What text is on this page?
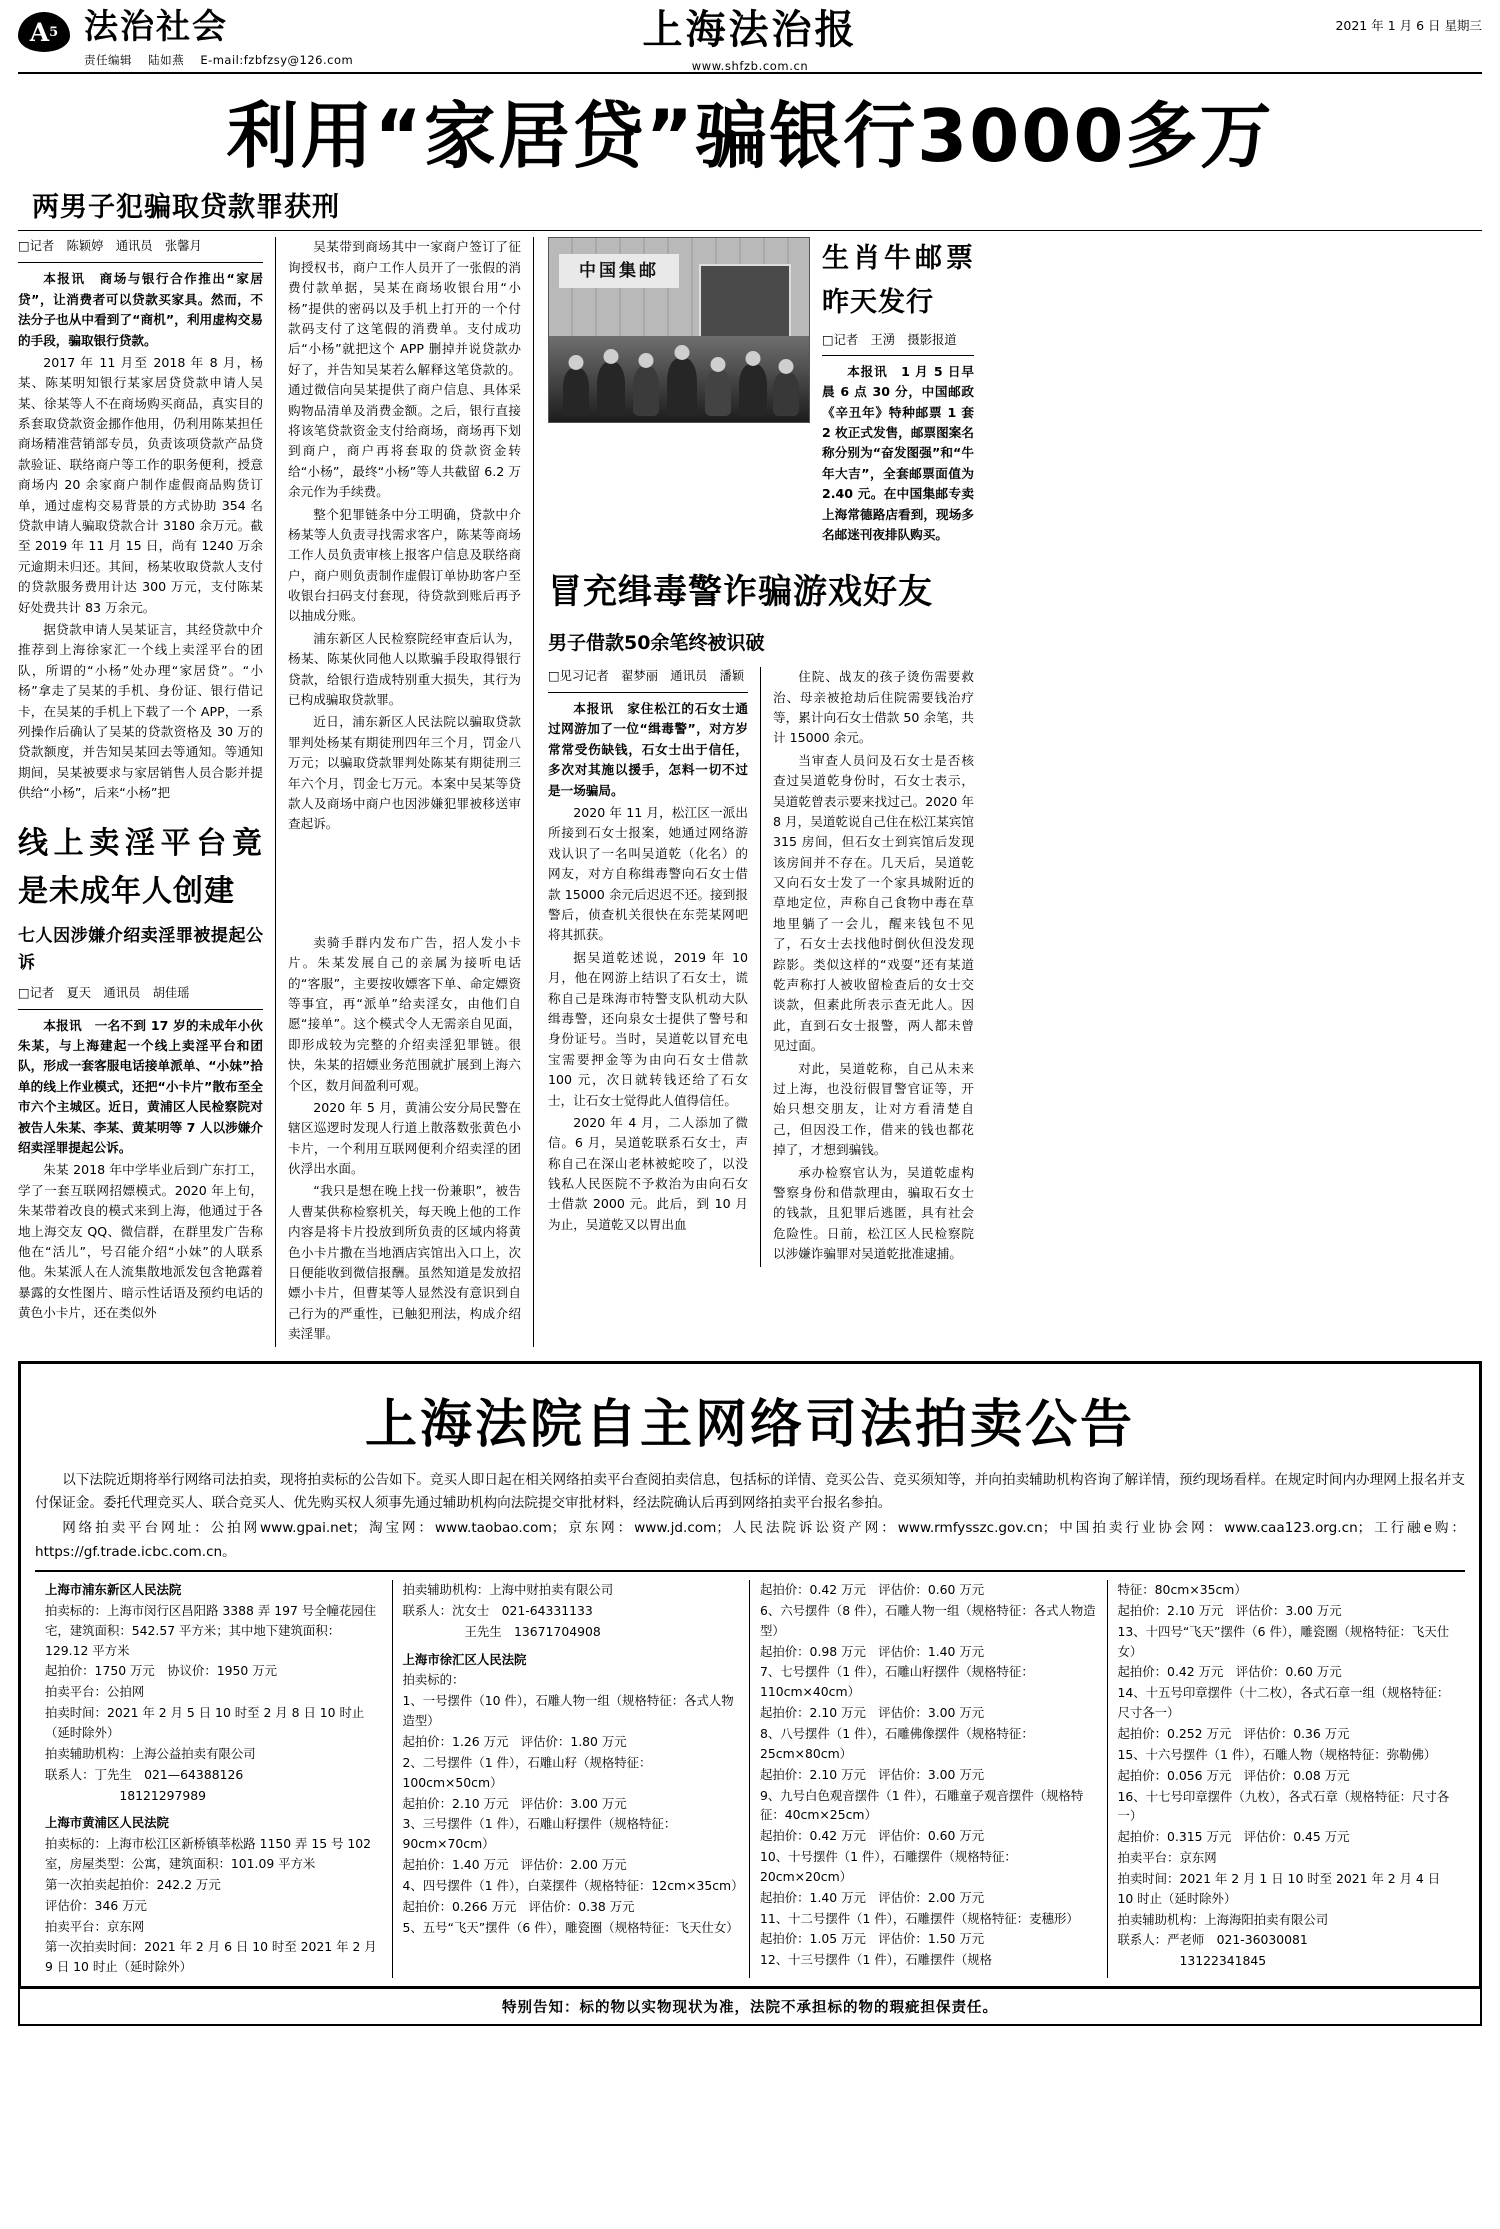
A 5 法治社会
责任编辑 陆如燕 E-mail:fzbfzsy@126.com
上海法治报
www.shfzb.com.cn
2021 年 1 月 6 日 星期三
利用“家居贷”骗银行3000多万
两男子犯骗取贷款罪获刑
□记者　陈颖婷　通讯员　张馨月

本报讯　商场与银行合作推出“家居贷”，让消费者可以贷款买家具。然而，不法分子也从中看到了“商机”，利用虚构交易的手段，骗取银行贷款。

2017 年 11 月至 2018 年 8 月，杨某、陈某明知银行某家居贷贷款申请人吴某、徐某等人不在商场购买商品，真实目的系套取贷款资金挪作他用，仍利用陈某担任商场精准营销部专员，负责该项贷款产品贷款验证、联络商户等工作的职务便利，授意商场内 20 余家商户制作虚假商品购货订单，通过虚构交易背景的方式协助 354 名贷款申请人骗取贷款合计 3180 余万元。截至 2019 年 11 月 15 日，尚有 1240 万余元逾期未归还。其间，杨某收取贷款人支付的贷款服务费用计达 300 万元，支付陈某好处费共计 83 万余元。

据贷款申请人吴某证言，其经贷款中介推荐到上海徐家汇一个线上卖淫平台的团队，所谓的“小杨”处办理“家居贷”。“小杨”拿走了吴某的手机、身份证、银行借记卡，在吴某的手机上下载了一个 APP，一系列操作后确认了吴某的贷款资格及 30 万的贷款额度，并告知吴某回去等通知。等通知期间，吴某被要求与家居销售人员合影并提供给“小杨”，后来“小杨”把

线上卖淫平台竟是未成年人创建
七人因涉嫌介绍卖淫罪被提起公诉
□记者　夏天　通讯员　胡佳瑶

本报讯　一名不到 17 岁的未成年小伙朱某，与上海建起一个线上卖淫平台和团队，形成一套客服电话接单派单、“小妹”拾单的线上作业模式，还把“小卡片”散布至全市六个主城区。近日，黄浦区人民检察院对被告人朱某、李某、黄某明等 7 人以涉嫌介绍卖淫罪提起公诉。

朱某 2018 年中学毕业后到广东打工，学了一套互联网招嫖模式。2020 年上旬，朱某带着改良的模式来到上海，他通过于各地上海交友 QQ、微信群，在群里发广告称他在“活儿”，号召能介绍“小妹”的人联系他。朱某派人在人流集散地派发包含艳露着暴露的女性图片、暗示性话语及预约电话的黄色小卡片，还在类似外

吴某带到商场其中一家商户签订了征询授权书，商户工作人员开了一张假的消费付款单据，吴某在商场收银台用“小杨”提供的密码以及手机上打开的一个付款码支付了这笔假的消费单。支付成功后“小杨”就把这个 APP 删掉并说贷款办好了，并告知吴某若么解释这笔贷款的。通过微信向吴某提供了商户信息、具体采购物品清单及消费金额。之后，银行直接将该笔贷款资金支付给商场，商场再下划到商户，商户再将套取的贷款资金转给“小杨”，最终“小杨”等人共截留 6.2 万余元作为手续费。

整个犯罪链条中分工明确，贷款中介杨某等人负责寻找需求客户，陈某等商场工作人员负责审核上报客户信息及联络商户，商户则负责制作虚假订单协助客户至收银台扫码支付套现，待贷款到账后再予以抽成分账。

浦东新区人民检察院经审查后认为，杨某、陈某伙同他人以欺骗手段取得银行贷款，给银行造成特别重大损失，其行为已构成骗取贷款罪。

近日，浦东新区人民法院以骗取贷款罪判处杨某有期徒刑四年三个月，罚金八万元；以骗取贷款罪判处陈某有期徒刑三年六个月，罚金七万元。本案中吴某等贷款人及商场中商户也因涉嫌犯罪被移送审查起诉。

卖骑手群内发布广告，招人发小卡片。朱某发展自己的亲属为接听电话的“客服”，主要按收嫖客下单、命定嫖资等事宜，再“派单”给卖淫女，由他们自愿“接单”。这个模式令人无需亲自见面，即形成较为完整的介绍卖淫犯罪链。很快，朱某的招嫖业务范围就扩展到上海六个区，数月间盈利可观。

2020 年 5 月，黄浦公安分局民警在辖区巡逻时发现人行道上散落数张黄色小卡片，一个利用互联网便利介绍卖淫的团伙浮出水面。

“我只是想在晚上找一份兼职”，被告人曹某供称检察机关，每天晚上他的工作内容是将卡片投放到所负责的区域内将黄色小卡片撒在当地酒店宾馆出入口上，次日便能收到微信报酬。虽然知道是发放招嫖小卡片，但曹某等人显然没有意识到自己行为的严重性，已触犯刑法，构成介绍卖淫罪。

中国集邮	生肖牛邮票昨天发行
□记者　王湧　摄影报道

本报讯　1 月 5 日早晨 6 点 30 分，中国邮政《辛丑年》特种邮票 1 套 2 枚正式发售，邮票图案名称分别为“奋发图强”和“牛年大吉”，全套邮票面值为 2.40 元。在中国集邮专卖上海常德路店看到，现场多名邮迷刊夜排队购买。

冒充缉毒警诈骗游戏好友
男子借款50余笔终被识破
□见习记者　翟梦丽　通讯员　潘颖

本报讯　家住松江的石女士通过网游加了一位“缉毒警”，对方岁常常受伤缺钱，石女士出于信任，多次对其施以援手，怎料一切不过是一场骗局。

2020 年 11 月，松江区一派出所接到石女士报案，她通过网络游戏认识了一名叫吴道乾（化名）的网友，对方自称缉毒警向石女士借款 15000 余元后迟迟不还。接到报警后，侦查机关很快在东莞某网吧将其抓获。

据吴道乾述说，2019 年 10 月，他在网游上结识了石女士，谎称自己是珠海市特警支队机动大队缉毒警，还向泉女士提供了警号和身份证号。当时，吴道乾以冒充电宝需要押金等为由向石女士借款 100 元，次日就转钱还给了石女士，让石女士觉得此人值得信任。

2020 年 4 月，二人添加了微信。6 月，吴道乾联系石女士，声称自己在深山老林被蛇咬了，以没钱私人民医院不予救治为由向石女士借款 2000 元。此后，到 10 月为止，吴道乾又以胃出血

住院、战友的孩子烫伤需要救治、母亲被抢劫后住院需要钱治疗等，累计向石女士借款 50 余笔，共计 15000 余元。

当审查人员问及石女士是否核查过吴道乾身份时，石女士表示，吴道乾曾表示要来找过己。2020 年 8 月，吴道乾说自己住在松江某宾馆 315 房间，但石女士到宾馆后发现该房间并不存在。几天后，吴道乾又向石女士发了一个家具城附近的草地定位，声称自己食物中毒在草地里躺了一会儿，醒来钱包不见了，石女士去找他时倒伙但没发现踪影。类似这样的“戏耍”还有某道乾声称打人被收留检查后的女士交谈款，但素此所表示查无此人。因此，直到石女士报警，两人都未曾见过面。

对此，吴道乾称，自己从未来过上海，也没衍假冒警官证等，开始只想交朋友，让对方看清楚自己，但因没工作，借来的钱也都花掉了，才想到骗钱。

承办检察官认为，吴道乾虚构警察身份和借款理由，骗取石女士的钱款，且犯罪后逃匿，具有社会危险性。日前，松江区人民检察院以涉嫌诈骗罪对吴道乾批准逮捕。

上海法院自主网络司法拍卖公告

以下法院近期将举行网络司法拍卖，现将拍卖标的公告如下。竞买人即日起在相关网络拍卖平台查阅拍卖信息，包括标的详情、竞买公告、竞买须知等，并向拍卖辅助机构咨询了解详情，预约现场看样。在规定时间内办理网上报名并支付保证金。委托代理竞买人、联合竞买人、优先购买权人须事先通过辅助机构向法院提交审批材料，经法院确认后再到网络拍卖平台报名参拍。

网络拍卖平台网址：公拍网www.gpai.net；淘宝网：www.taobao.com；京东网：www.jd.com；人民法院诉讼资产网：www.rmfysszc.gov.cn；中国拍卖行业协会网：www.caa123.org.cn；工行融e购：https://gf.trade.icbc.com.cn。

上海市浦东新区人民法院

拍卖标的：上海市闵行区昌阳路 3388 弄 197 号全幢花园住宅，建筑面积：542.57 平方米；其中地下建筑面积：129.12 平方米

起拍价：1750 万元　协议价：1950 万元

拍卖平台：公拍网

拍卖时间：2021 年 2 月 5 日 10 时至 2 月 8 日 10 时止（延时除外）

拍卖辅助机构：上海公益拍卖有限公司

联系人：丁先生　021—64388126

　　　　　　18121297989

上海市黄浦区人民法院

拍卖标的：上海市松江区新桥镇莘松路 1150 弄 15 号 102 室，房屋类型：公寓，建筑面积：101.09 平方米

第一次拍卖起拍价：242.2 万元

评估价：346 万元

拍卖平台：京东网

第一次拍卖时间：2021 年 2 月 6 日 10 时至 2021 年 2 月 9 日 10 时止（延时除外）

拍卖辅助机构：上海中财拍卖有限公司

联系人：沈女士　021-64331133

　　　　　王先生　13671704908

上海市徐汇区人民法院

拍卖标的：

1、一号摆件（10 件），石雕人物一组（规格特征：各式人物造型）

起拍价：1.26 万元　评估价：1.80 万元

2、二号摆件（1 件），石雕山籽（规格特征：100cm×50cm）

起拍价：2.10 万元　评估价：3.00 万元

3、三号摆件（1 件），石雕山籽摆件（规格特征：90cm×70cm）

起拍价：1.40 万元　评估价：2.00 万元

4、四号摆件（1 件），白菜摆件（规格特征：12cm×35cm）

起拍价：0.266 万元　评估价：0.38 万元

5、五号“飞天”摆件（6 件），雕瓷圈（规格特征：飞天仕女）

起拍价：0.42 万元　评估价：0.60 万元

6、六号摆件（8 件），石雕人物一组（规格特征：各式人物造型）

起拍价：0.98 万元　评估价：1.40 万元

7、七号摆件（1 件），石雕山籽摆件（规格特征：110cm×40cm）

起拍价：2.10 万元　评估价：3.00 万元

8、八号摆件（1 件），石雕佛像摆件（规格特征：25cm×80cm）

起拍价：2.10 万元　评估价：3.00 万元

9、九号白色观音摆件（1 件），石雕童子观音摆件（规格特征：40cm×25cm）

起拍价：0.42 万元　评估价：0.60 万元

10、十号摆件（1 件），石雕摆件（规格特征：20cm×20cm）

起拍价：1.40 万元　评估价：2.00 万元

11、十二号摆件（1 件），石雕摆件（规格特征：麦穗形）

起拍价：1.05 万元　评估价：1.50 万元

12、十三号摆件（1 件），石雕摆件（规格

特征：80cm×35cm）

起拍价：2.10 万元　评估价：3.00 万元

13、十四号“飞天”摆件（6 件），雕瓷圈（规格特征：飞天仕女）

起拍价：0.42 万元　评估价：0.60 万元

14、十五号印章摆件（十二枚），各式石章一组（规格特征：尺寸各一）

起拍价：0.252 万元　评估价：0.36 万元

15、十六号摆件（1 件），石雕人物（规格特征：弥勒佛）

起拍价：0.056 万元　评估价：0.08 万元

16、十七号印章摆件（九枚），各式石章（规格特征：尺寸各一）

起拍价：0.315 万元　评估价：0.45 万元

拍卖平台：京东网

拍卖时间：2021 年 2 月 1 日 10 时至 2021 年 2 月 4 日 10 时止（延时除外）

拍卖辅助机构：上海海阳拍卖有限公司

联系人：严老师　021-36030081

　　　　　13122341845

特别告知：标的物以实物现状为准，法院不承担标的物的瑕疵担保责任。
